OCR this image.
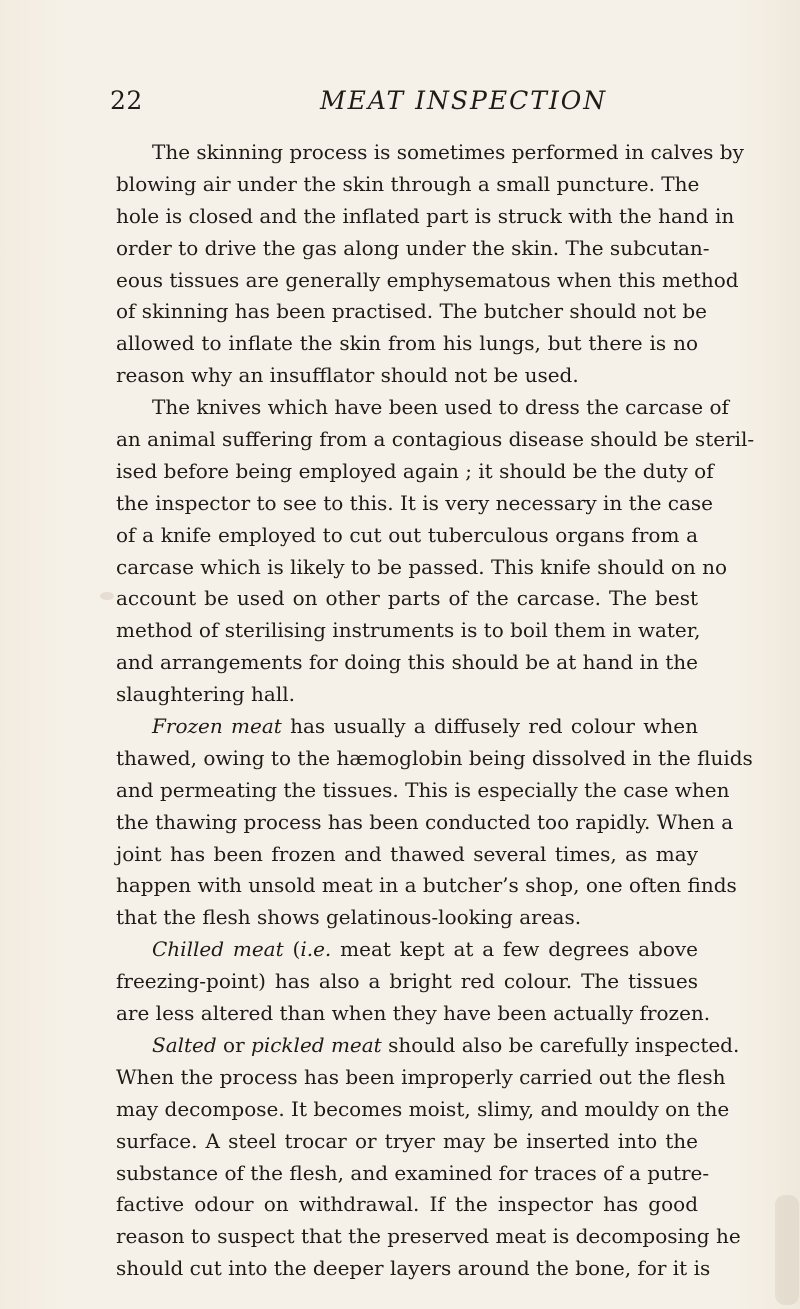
22	MEAT INSPECTION
The skinning process is sometimes performed in calves by
blowing air under the skin through a small puncture. The
hole is closed and the inflated part is struck with the hand in
order to drive the gas along under the skin. The subcutan-
eous tissues are generally emphysematous when this method
of skinning has been practised. The butcher should not be
allowed to inflate the skin from his lungs, but there is no
reason why an insufflator should not be used.
The knives which have been used to dress the carcase of
an animal suffering from a contagious disease should be steril-
ised before being employed again ; it should be the duty of
the inspector to see to this. It is very necessary in the case
of a knife employed to cut out tuberculous organs from a
carcase which is likely to be passed. This knife should on no
account be used on other parts of the carcase. The best
method of sterilising instruments is to boil them in water,
and arrangements for doing this should be at hand in the
slaughtering hall.
Frozen meat has usually a diffusely red colour when
thawed, owing to the hæmoglobin being dissolved in the fluids
and permeating the tissues. This is especially the case when
the thawing process has been conducted too rapidly. When a
joint has been frozen and thawed several times, as may
happen with unsold meat in a butcher’s shop, one often finds
that the flesh shows gelatinous-looking areas.
Chilled meat (i.e. meat kept at a few degrees above
freezing-point) has also a bright red colour. The tissues
are less altered than when they have been actually frozen.
Salted or pickled meat should also be carefully inspected.
When the process has been improperly carried out the flesh
may decompose. It becomes moist, slimy, and mouldy on the
surface. A steel trocar or tryer may be inserted into the
substance of the flesh, and examined for traces of a putre-
factive odour on withdrawal. If the inspector has good
reason to suspect that the preserved meat is decomposing he
should cut into the deeper layers around the bone, for it is
